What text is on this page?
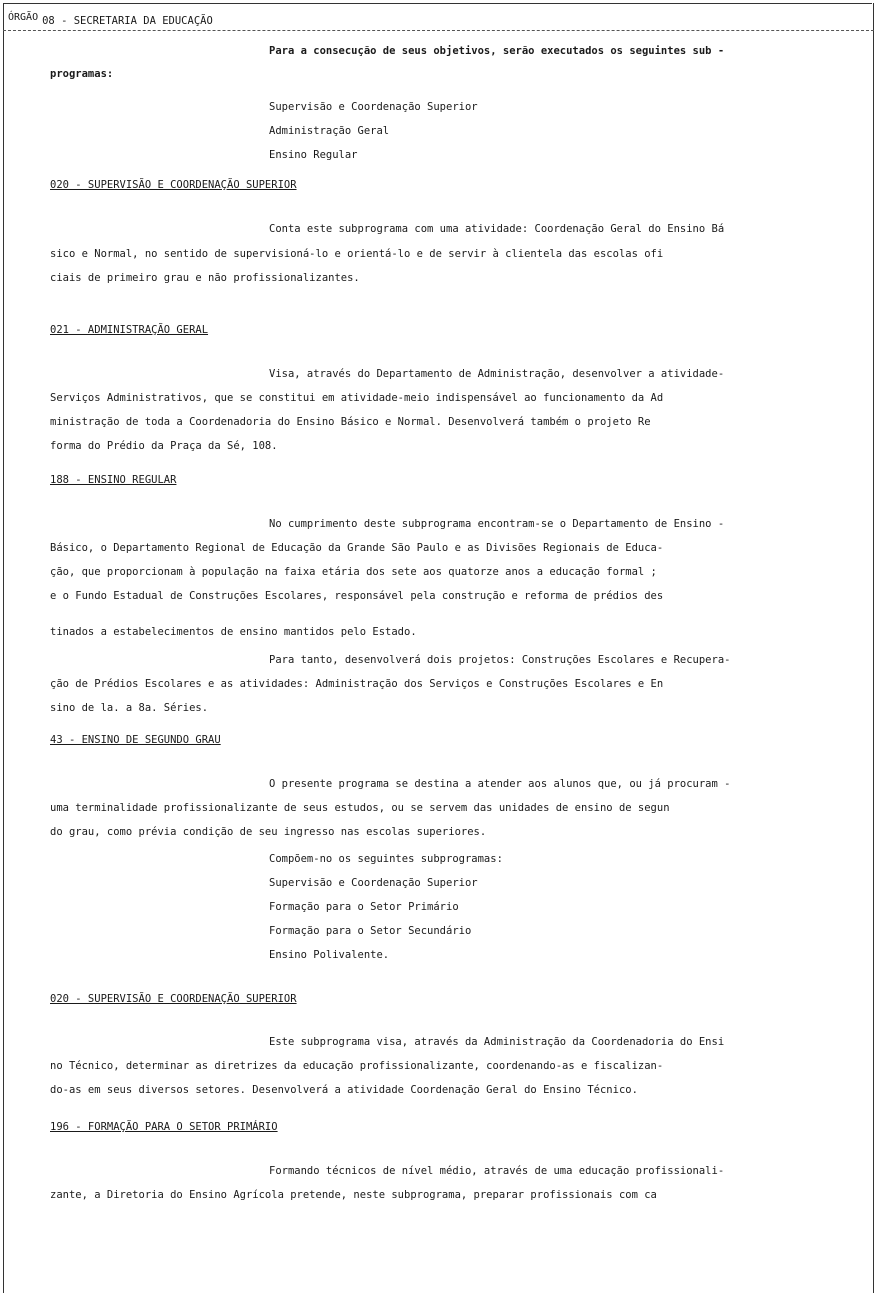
ÓRGÃO 08 - SECRETARIA DA EDUCAÇÃO
Para a consecução de seus objetivos, serão executados os seguintes sub -
programas:
Supervisão e Coordenação Superior
Administração Geral
Ensino Regular
020 - SUPERVISÃO E COORDENAÇÃO SUPERIOR
Conta este subprograma com uma atividade: Coordenação Geral do Ensino Bá
sico e Normal, no sentido de supervisioná-lo e orientá-lo e de servir à clientela das escolas ofi
ciais de primeiro grau e não profissionalizantes.
021 - ADMINISTRAÇÃO GERAL
Visa, através do Departamento de Administração, desenvolver a atividade-
Serviços Administrativos, que se constitui em atividade-meio indispensável ao funcionamento da Ad
ministração de toda a Coordenadoria do Ensino Básico e Normal. Desenvolverá também o projeto Re
forma do Prédio da Praça da Sé, 108.
188 - ENSINO REGULAR
No cumprimento deste subprograma encontram-se o Departamento de Ensino -
Básico, o Departamento Regional de Educação da Grande São Paulo e as Divisões Regionais de Educa-
ção, que proporcionam à população na faixa etária dos sete aos quatorze anos a educação formal ;
e o Fundo Estadual de Construções Escolares, responsável pela construção e reforma de prédios des
tinados a estabelecimentos de ensino mantidos pelo Estado.
Para tanto, desenvolverá dois projetos: Construções Escolares e Recupera-
ção de Prédios Escolares e as atividades: Administração dos Serviços e Construções Escolares e En
sino de la. a 8a. Séries.
43 - ENSINO DE SEGUNDO GRAU
O presente programa se destina a atender aos alunos que, ou já procuram -
uma terminalidade profissionalizante de seus estudos, ou se servem das unidades de ensino de segun
do grau, como prévia condição de seu ingresso nas escolas superiores.
Compõem-no os seguintes subprogramas:
Supervisão e Coordenação Superior
Formação para o Setor Primário
Formação para o Setor Secundário
Ensino Polivalente.
020 - SUPERVISÃO E COORDENAÇÃO SUPERIOR
Este subprograma visa, através da Administração da Coordenadoria do Ensi
no Técnico, determinar as diretrizes da educação profissionalizante, coordenando-as e fiscalizan-
do-as em seus diversos setores. Desenvolverá a atividade Coordenação Geral do Ensino Técnico.
196 - FORMAÇÃO PARA O SETOR PRIMÁRIO
Formando técnicos de nível médio, através de uma educação profissionali-
zante, a Diretoria do Ensino Agrícola pretende, neste subprograma, preparar profissionais com ca
